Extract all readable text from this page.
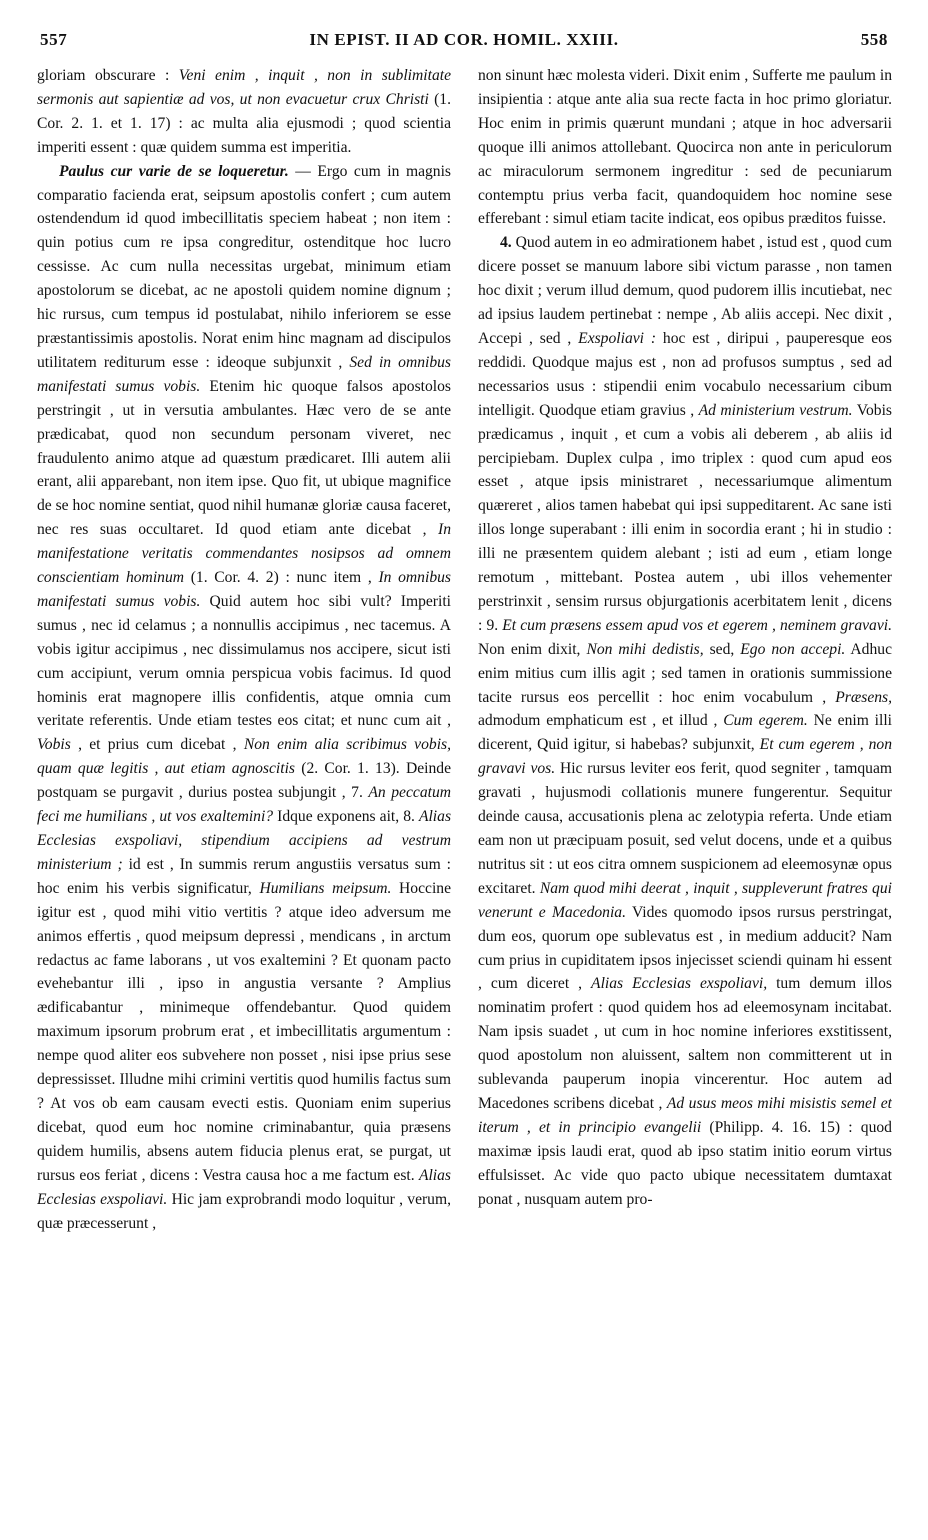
557	IN EPIST. II AD COR. HOMIL. XXIII.	558

gloriam obscurare : Veni enim , inquit , non in sublimitate sermonis aut sapientiæ ad vos, ut non evacuetur crux Christi (1. Cor. 2. 1. et 1. 17) : ac multa alia ejusmodi ; quod scientia imperiti essent : quæ quidem summa est imperitia.

Paulus cur varie de se loqueretur. — Ergo cum in magnis comparatio facienda erat, seipsum apostolis confert ; cum autem ostendendum id quod imbecillitatis speciem habeat ; non item : quin potius cum re ipsa congreditur, ostenditque hoc lucro cessisse. Ac cum nulla necessitas urgebat, minimum etiam apostolorum se dicebat, ac ne apostoli quidem nomine dignum ; hic rursus, cum tempus id postulabat, nihilo inferiorem se esse præstantissimis apostolis. Norat enim hinc magnam ad discipulos utilitatem rediturum esse : ideoque subjunxit , Sed in omnibus manifestati sumus vobis. Etenim hic quoque falsos apostolos perstringit , ut in versutia ambulantes. Hæc vero de se ante prædicabat, quod non secundum personam viveret, nec fraudulento animo atque ad quæstum prædicaret. Illi autem alii erant, alii apparebant, non item ipse. Quo fit, ut ubique magnifice de se hoc nomine sentiat, quod nihil humanæ gloriæ causa faceret, nec res suas occultaret. Id quod etiam ante dicebat , In manifestatione veritatis commendantes nosipsos ad omnem conscientiam hominum (1. Cor. 4. 2) : nunc item , In omnibus manifestati sumus vobis. Quid autem hoc sibi vult? Imperiti sumus , nec id celamus ; a nonnullis accipimus , nec tacemus. A vobis igitur accipimus , nec dissimulamus nos accipere, sicut isti cum accipiunt, verum omnia perspicua vobis facimus. Id quod hominis erat magnopere illis confidentis, atque omnia cum veritate referentis. Unde etiam testes eos citat; et nunc cum ait , Vobis , et prius cum dicebat , Non enim alia scribimus vobis, quam quæ legitis , aut etiam agnoscitis (2. Cor. 1. 13). Deinde postquam se purgavit , durius postea subjungit , 7. An peccatum feci me humilians , ut vos exaltemini? Idque exponens ait, 8. Alias Ecclesias exspoliavi, stipendium accipiens ad vestrum ministerium ; id est , In summis rerum angustiis versatus sum : hoc enim his verbis significatur, Humilians meipsum. Hoccine igitur est , quod mihi vitio vertitis ? atque ideo adversum me animos effertis , quod meipsum depressi , mendicans , in arctum redactus ac fame laborans , ut vos exaltemini ? Et quonam pacto evehebantur illi , ipso in angustia versante ? Amplius ædificabantur , minimeque offendebantur. Quod quidem maximum ipsorum probrum erat , et imbecillitatis argumentum : nempe quod aliter eos subvehere non posset , nisi ipse prius sese depressisset. Illudne mihi crimini vertitis quod humilis factus sum ? At vos ob eam causam evecti estis. Quoniam enim superius dicebat, quod eum hoc nomine criminabantur, quia præsens quidem humilis, absens autem fiducia plenus erat, se purgat, ut rursus eos feriat , dicens : Vestra causa hoc a me factum est. Alias Ecclesias exspoliavi. Hic jam exprobrandi modo loquitur , verum, quæ præcesserunt ,

non sinunt hæc molesta videri. Dixit enim , Sufferte me paulum in insipientia : atque ante alia sua recte facta in hoc primo gloriatur. Hoc enim in primis quærunt mundani ; atque in hoc adversarii quoque illi animos attollebant. Quocirca non ante in periculorum ac miraculorum sermonem ingreditur : sed de pecuniarum contemptu prius verba facit, quandoquidem hoc nomine sese efferebant : simul etiam tacite indicat, eos opibus præditos fuisse.

4. Quod autem in eo admirationem habet , istud est , quod cum dicere posset se manuum labore sibi victum parasse , non tamen hoc dixit ; verum illud demum, quod pudorem illis incutiebat, nec ad ipsius laudem pertinebat : nempe , Ab aliis accepi. Nec dixit , Accepi , sed , Exspoliavi : hoc est , diripui , pauperesque eos reddidi. Quodque majus est , non ad profusos sumptus , sed ad necessarios usus : stipendii enim vocabulo necessarium cibum intelligit. Quodque etiam gravius , Ad ministerium vestrum. Vobis prædicamus , inquit , et cum a vobis ali deberem , ab aliis id percipiebam. Duplex culpa , imo triplex : quod cum apud eos esset , atque ipsis ministraret , necessariumque alimentum quæreret , alios tamen habebat qui ipsi suppeditarent. Ac sane isti illos longe superabant : illi enim in socordia erant ; hi in studio : illi ne præsentem quidem alebant ; isti ad eum , etiam longe remotum , mittebant. Postea autem , ubi illos vehementer perstrinxit , sensim rursus objurgationis acerbitatem lenit , dicens : 9. Et cum præsens essem apud vos et egerem , neminem gravavi. Non enim dixit, Non mihi dedistis, sed, Ego non accepi. Adhuc enim mitius cum illis agit ; sed tamen in orationis summissione tacite rursus eos percellit : hoc enim vocabulum , Præsens, admodum emphaticum est , et illud , Cum egerem. Ne enim illi dicerent, Quid igitur, si habebas? subjunxit, Et cum egerem , non gravavi vos. Hic rursus leviter eos ferit, quod segniter , tamquam gravati , hujusmodi collationis munere fungerentur. Sequitur deinde causa, accusationis plena ac zelotypia referta. Unde etiam eam non ut præcipuam posuit, sed velut docens, unde et a quibus nutritus sit : ut eos citra omnem suspicionem ad eleemosynæ opus excitaret. Nam quod mihi deerat , inquit , suppleverunt fratres qui venerunt e Macedonia. Vides quomodo ipsos rursus perstringat, dum eos, quorum ope sublevatus est , in medium adducit? Nam cum prius in cupiditatem ipsos injecisset sciendi quinam hi essent , cum diceret , Alias Ecclesias exspoliavi, tum demum illos nominatim profert : quod quidem hos ad eleemosynam incitabat. Nam ipsis suadet , ut cum in hoc nomine inferiores exstitissent, quod apostolum non aluissent, saltem non committerent ut in sublevanda pauperum inopia vincerentur. Hoc autem ad Macedones scribens dicebat , Ad usus meos mihi misistis semel et iterum , et in principio evangelii (Philipp. 4. 16. 15) : quod maximæ ipsis laudi erat, quod ab ipso statim initio eorum virtus effulsisset. Ac vide quo pacto ubique necessitatem dumtaxat ponat , nusquam autem pro-
